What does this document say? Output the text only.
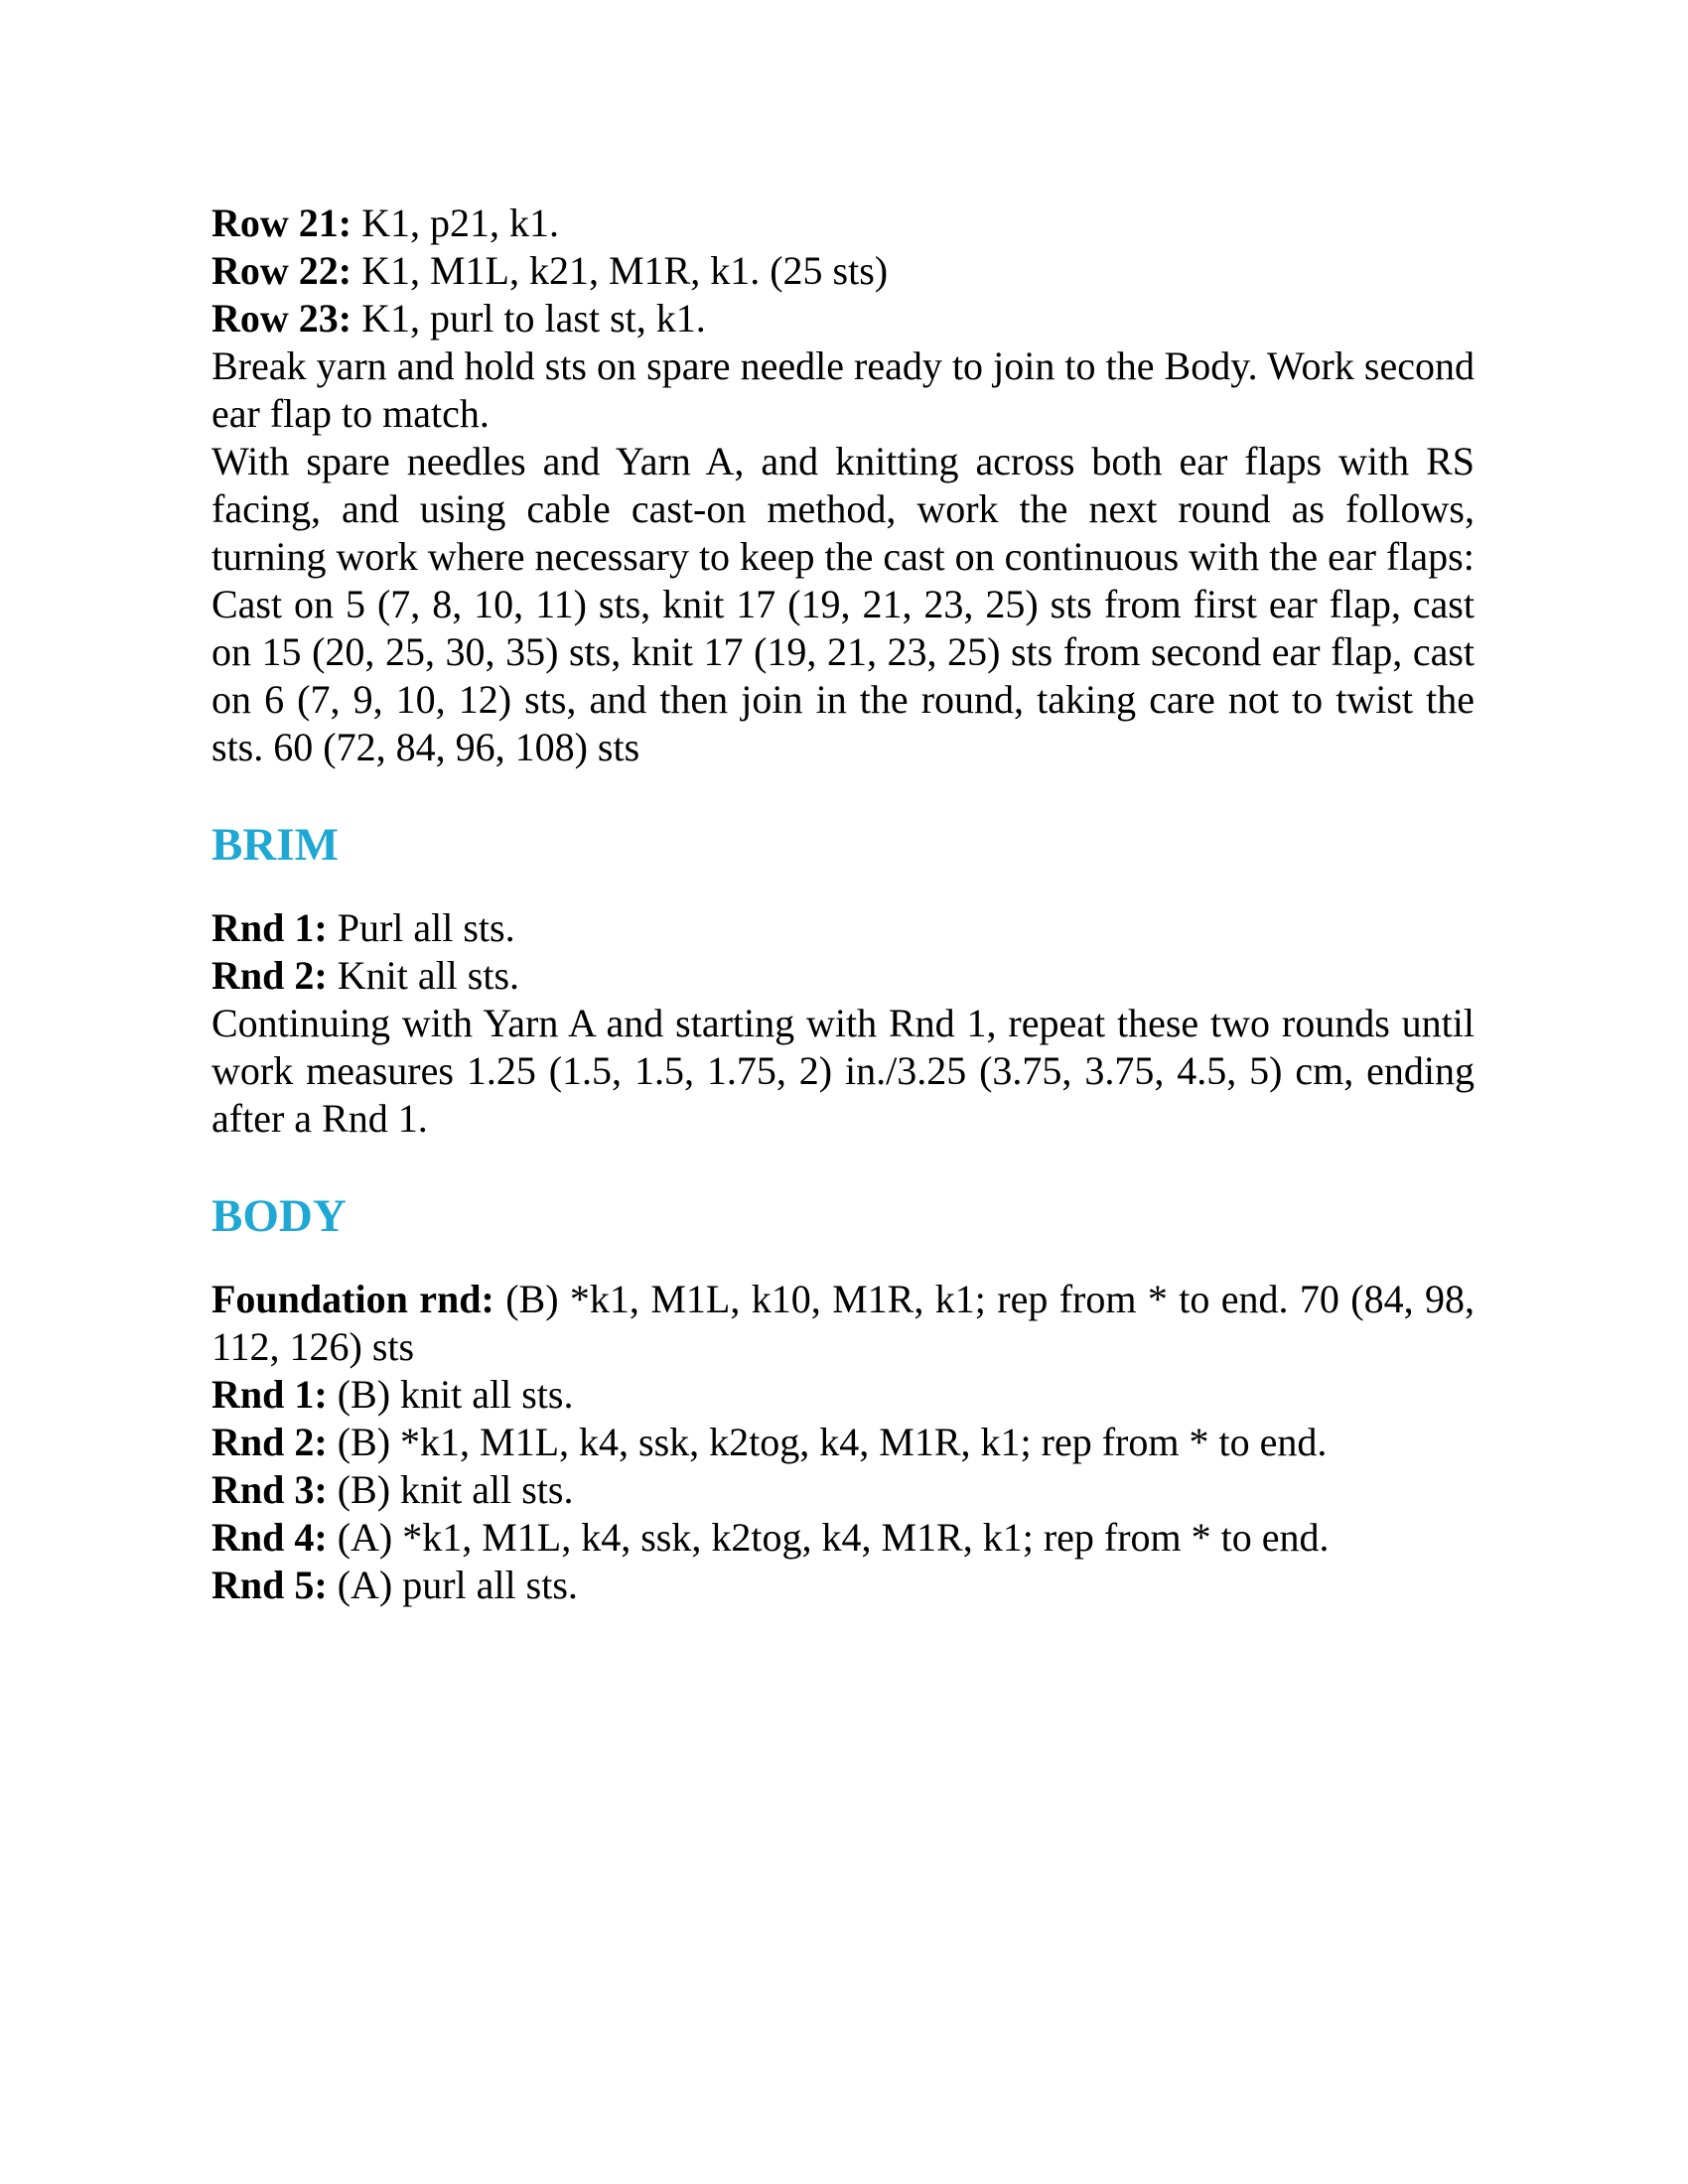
Row 21: K1, p21, k1.

Row 22: K1, M1L, k21, M1R, k1. (25 sts)

Row 23: K1, purl to last st, k1.

Break yarn and hold sts on spare needle ready to join to the Body. Work second ear flap to match.

With spare needles and Yarn A, and knitting across both ear flaps with RS facing, and using cable cast-on method, work the next round as follows, turning work where necessary to keep the cast on continuous with the ear flaps:

Cast on 5 (7, 8, 10, 11) sts, knit 17 (19, 21, 23, 25) sts from first ear flap, cast on 15 (20, 25, 30, 35) sts, knit 17 (19, 21, 23, 25) sts from second ear flap, cast on 6 (7, 9, 10, 12) sts, and then join in the round, taking care not to twist the sts. 60 (72, 84, 96, 108) sts

BRIM

Rnd 1: Purl all sts.

Rnd 2: Knit all sts.

Continuing with Yarn A and starting with Rnd 1, repeat these two rounds until work measures 1.25 (1.5, 1.5, 1.75, 2) in./3.25 (3.75, 3.75, 4.5, 5) cm, ending after a Rnd 1.

BODY

Foundation rnd: (B) *k1, M1L, k10, M1R, k1; rep from * to end. 70 (84, 98, 112, 126) sts

Rnd 1: (B) knit all sts.

Rnd 2: (B) *k1, M1L, k4, ssk, k2tog, k4, M1R, k1; rep from * to end.

Rnd 3: (B) knit all sts.

Rnd 4: (A) *k1, M1L, k4, ssk, k2tog, k4, M1R, k1; rep from * to end.

Rnd 5: (A) purl all sts.
